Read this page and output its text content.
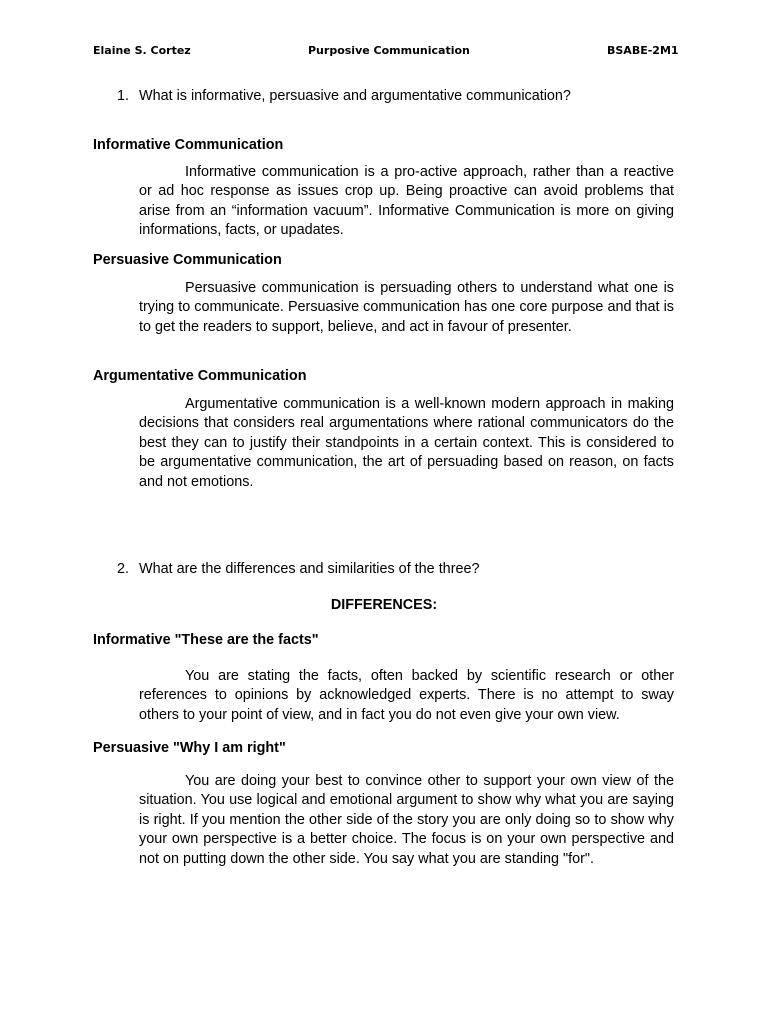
Elaine S. Cortez	Purposive Communication	BSABE-2M1
1. What is informative, persuasive and argumentative communication?
Informative Communication

Informative communication is a pro-active approach, rather than a reactive or ad hoc response as issues crop up. Being proactive can avoid problems that arise from an “information vacuum”. Informative Communication is more on giving informations, facts, or upadates.

Persuasive Communication

Persuasive communication is persuading others to understand what one is trying to communicate. Persuasive communication has one core purpose and that is to get the readers to support, believe, and act in favour of presenter.

Argumentative Communication

Argumentative communication is a well-known modern approach in making decisions that considers real argumentations where rational communicators do the best they can to justify their standpoints in a certain context. This is considered to be argumentative communication, the art of persuading based on reason, on facts and not emotions.

2. What are the differences and similarities of the three?
DIFFERENCES:
Informative "These are the facts"

You are stating the facts, often backed by scientific research or other references to opinions by acknowledged experts. There is no attempt to sway others to your point of view, and in fact you do not even give your own view.

Persuasive "Why I am right"

You are doing your best to convince other to support your own view of the situation. You use logical and emotional argument to show why what you are saying is right. If you mention the other side of the story you are only doing so to show why your own perspective is a better choice. The focus is on your own perspective and not on putting down the other side. You say what you are standing "for".
